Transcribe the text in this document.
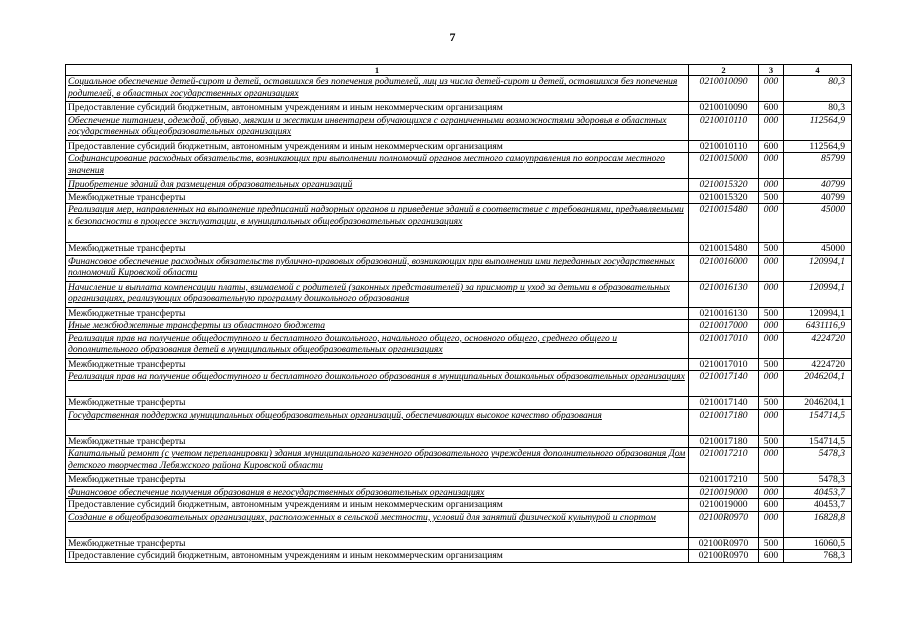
7
1	2	3	4
Социальное обеспечение детей-сирот и детей, оставшихся без попечения родителей, лиц из числа детей-сирот и детей, оставшихся без попечения родителей, в областных государственных организациях	0210010090	000	80,3
Предоставление субсидий бюджетным, автономным учреждениям и иным некоммерческим организациям	0210010090	600	80,3
Обеспечение питанием, одеждой, обувью, мягким и жестким инвентарем обучающихся с ограниченными возможностями здоровья в областных государственных общеобразовательных организациях	0210010110	000	112564,9
Предоставление субсидий бюджетным, автономным учреждениям и иным некоммерческим организациям	0210010110	600	112564,9
Софинансирование расходных обязательств, возникающих при выполнении полномочий органов местного самоуправления по вопросам местного значения	0210015000	000	85799
Приобретение зданий для размещения образовательных организаций	0210015320	000	40799
Межбюджетные трансферты	0210015320	500	40799
Реализация мер, направленных на выполнение предписаний надзорных органов и приведение зданий в соответствие с требованиями, предъявляемыми к безопасности в процессе эксплуатации, в муниципальных общеобразовательных организациях	0210015480	000	45000
Межбюджетные трансферты	0210015480	500	45000
Финансовое обеспечение расходных обязательств публично-правовых образований, возникающих при выполнении ими переданных государственных полномочий Кировской области	0210016000	000	120994,1
Начисление и выплата компенсации платы, взимаемой с родителей (законных представителей) за присмотр и уход за детьми в образовательных организациях, реализующих образовательную программу дошкольного образования	0210016130	000	120994,1
Межбюджетные трансферты	0210016130	500	120994,1
Иные межбюджетные трансферты из областного бюджета	0210017000	000	6431116,9
Реализация прав на получение общедоступного и бесплатного дошкольного, начального общего, основного общего, среднего общего и дополнительного образования детей в муниципальных общеобразовательных организациях	0210017010	000	4224720
Межбюджетные трансферты	0210017010	500	4224720
Реализация прав на получение общедоступного и бесплатного дошкольного образования в муниципальных дошкольных образовательных организациях	0210017140	000	2046204,1
Межбюджетные трансферты	0210017140	500	2046204,1
Государственная поддержка муниципальных общеобразовательных организаций, обеспечивающих высокое качество образования	0210017180	000	154714,5
Межбюджетные трансферты	0210017180	500	154714,5
Капитальный ремонт (с учетом перепланировки) здания муниципального казенного образовательного учреждения дополнительного образования Дом детского творчества Лебяжского района Кировской области	0210017210	000	5478,3
Межбюджетные трансферты	0210017210	500	5478,3
Финансовое обеспечение получения образования в негосударственных образовательных организациях	0210019000	000	40453,7
Предоставление субсидий бюджетным, автономным учреждениям и иным некоммерческим организациям	0210019000	600	40453,7
Создание в общеобразовательных организациях, расположенных в сельской местности, условий для занятий физической культурой и спортом	02100R0970	000	16828,8
Межбюджетные трансферты	02100R0970	500	16060,5
Предоставление субсидий бюджетным, автономным учреждениям и иным некоммерческим организациям	02100R0970	600	768,3
